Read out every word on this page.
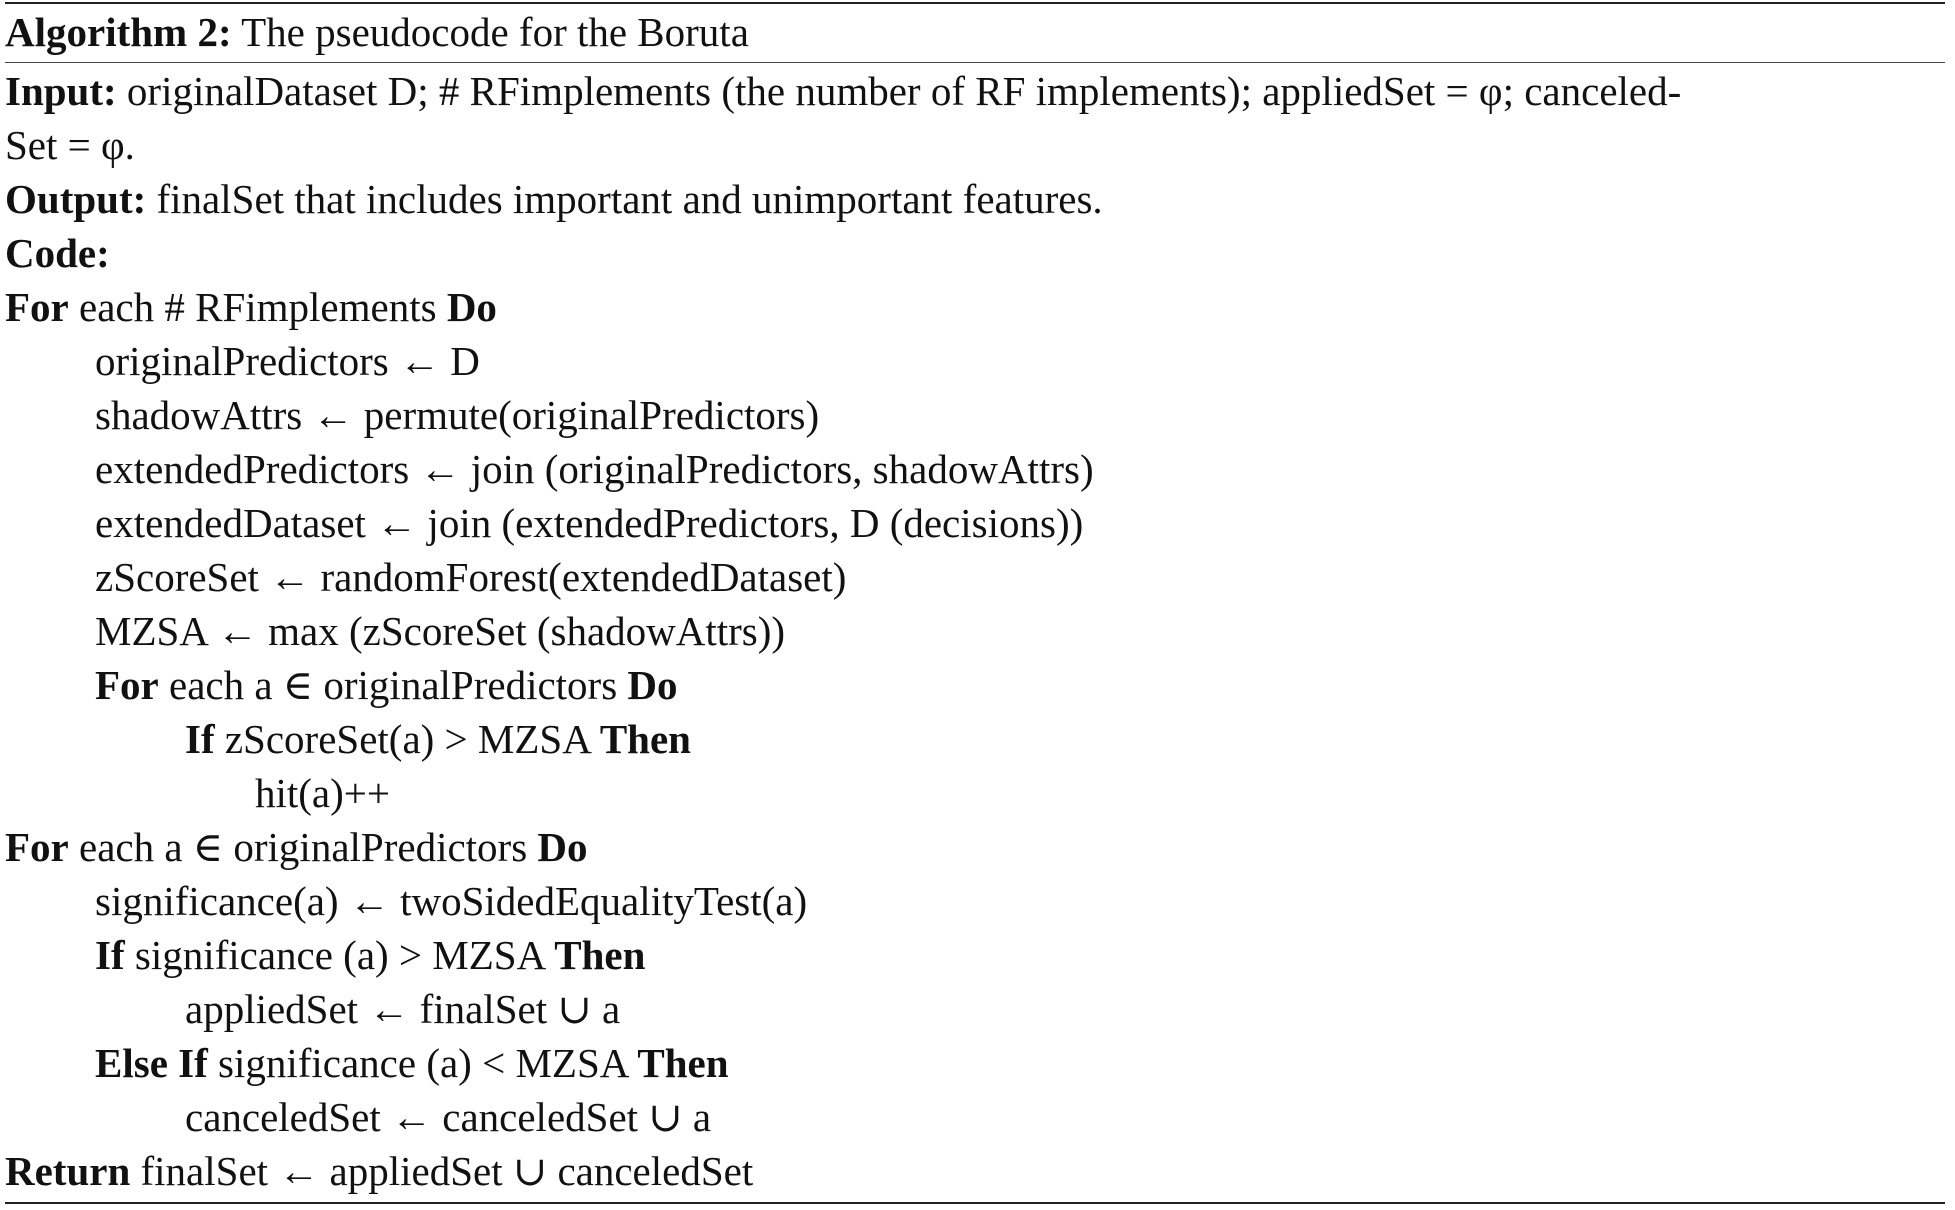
Algorithm 2: The pseudocode for the Boruta
Input: originalDataset D; # RFimplements (the number of RF implements); appliedSet = φ; canceled-
Set = φ.
Output: finalSet that includes important and unimportant features.
Code:
For each # RFimplements Do
originalPredictors ← D
shadowAttrs ← permute(originalPredictors)
extendedPredictors ← join (originalPredictors, shadowAttrs)
extendedDataset ← join (extendedPredictors, D (decisions))
zScoreSet ← randomForest(extendedDataset)
MZSA ← max (zScoreSet (shadowAttrs))
For each a ∈ originalPredictors Do
If zScoreSet(a) > MZSA Then
hit(a)++
For each a ∈ originalPredictors Do
significance(a) ← twoSidedEqualityTest(a)
If significance (a) > MZSA Then
appliedSet ← finalSet ∪ a
Else If significance (a) < MZSA Then
canceledSet ← canceledSet ∪ a
Return finalSet ← appliedSet ∪ canceledSet
